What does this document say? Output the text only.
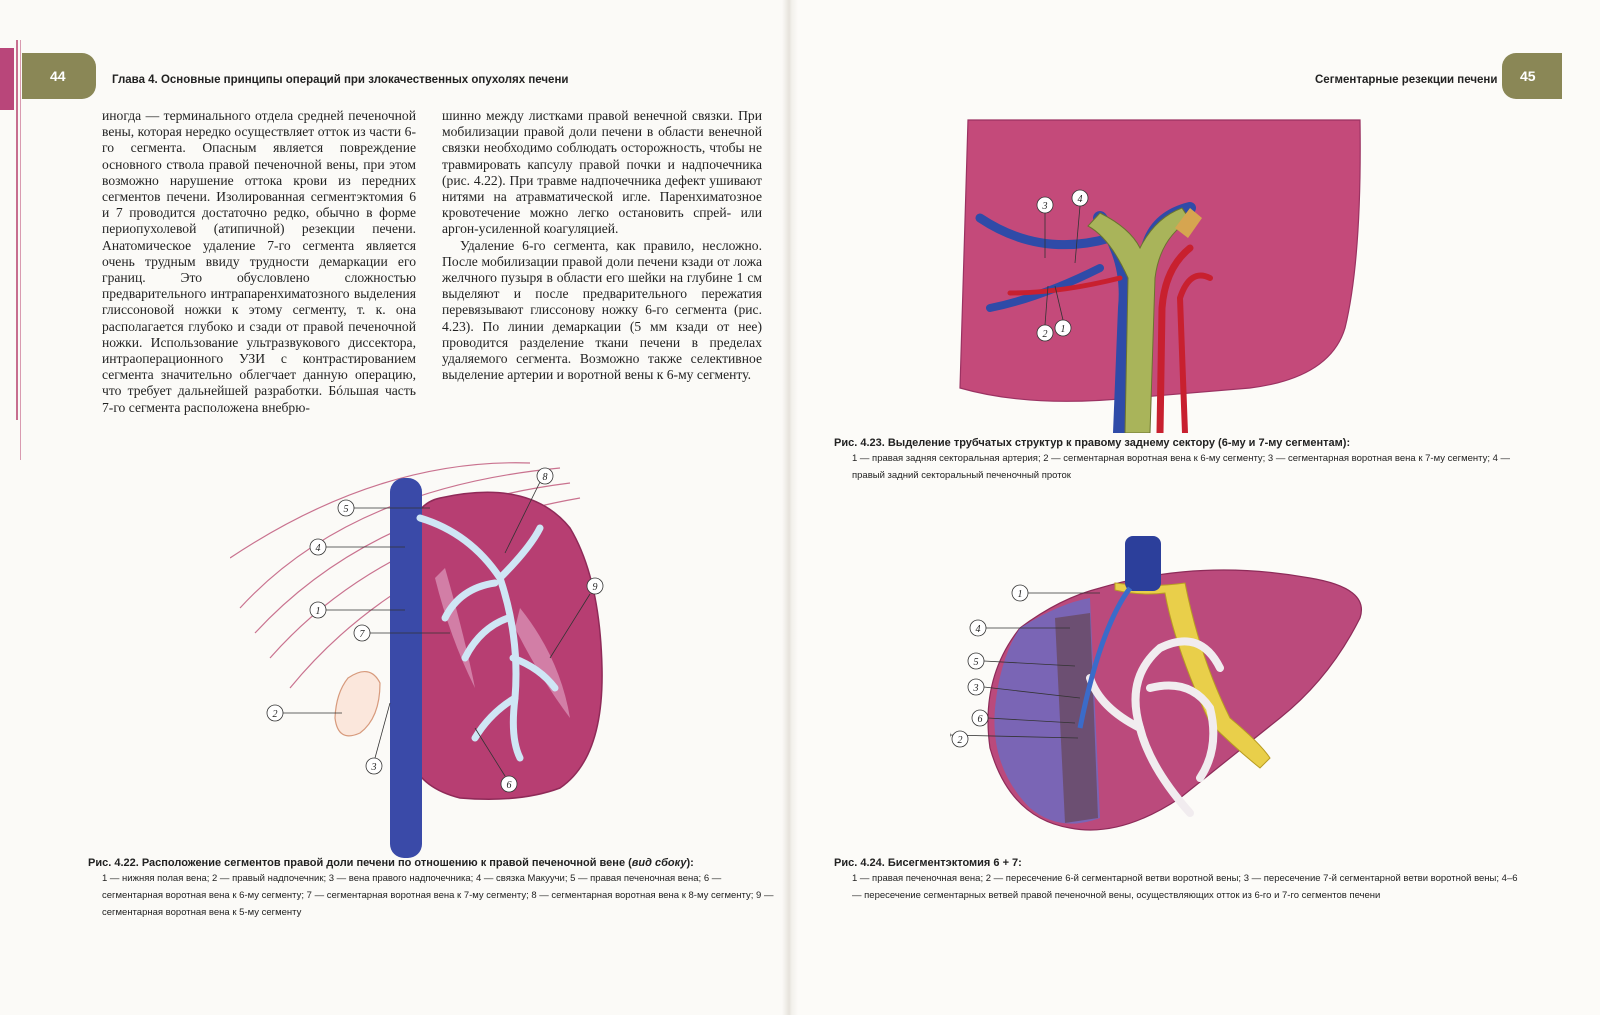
44	Глава 4. Основные принципы операций при злокачественных опухолях печени	45
Сегментарные резекции печени

иногда — терминального отдела средней печеночной вены, которая нередко осуществляет отток из части 6-го сегмента. Опасным является повреждение основного ствола правой печеночной вены, при этом возможно нарушение оттока крови из передних сегментов печени. Изолированная сегментэктомия 6 и 7 проводится достаточно редко, обычно в форме периопухолевой (атипичной) резекции печени. Анатомическое удаление 7-го сегмента является очень трудным ввиду трудности демаркации его границ. Это обусловлено сложностью предварительного интрапаренхиматозного выделения глиссоновой ножки к этому сегменту, т. к. она располагается глубоко и сзади от правой печеночной ножки. Использование ультразвукового диссектора, интраоперационного УЗИ с контрастированием сегмента значительно облегчает данную операцию, что требует дальнейшей разработки. Бóльшая часть 7-го сегмента расположена внебрю-

шинно между листками правой венечной связки. При мобилизации правой доли печени в области венечной связки необходимо соблюдать осторожность, чтобы не травмировать капсулу правой почки и надпочечника (рис. 4.22). При травме надпочечника дефект ушивают нитями на атравматической игле. Паренхиматозное кровотечение можно легко остановить спрей- или аргон-усиленной коагуляцией.

Удаление 6-го сегмента, как правило, несложно. После мобилизации правой доли печени кзади от ложа желчного пузыря в области его шейки на глубине 1 см выделяют и после предварительного пережатия перевязывают глиссонову ножку 6-го сегмента (рис. 4.23). По линии демаркации (5 мм кзади от нее) проводится разделение ткани печени в пределах удаляемого сегмента. Возможно также селективное выделение артерии и воротной вены к 6-му сегменту.

5
4
1
7
2
3
6
8
9
Рис. 4.22. Расположение сегментов правой доли печени по отношению к правой печеночной вене (вид сбоку):
1 — нижняя полая вена; 2 — правый надпочечник; 3 — вена правого надпочечника; 4 — связка Макуучи; 5 — правая печеночная вена; 6 — сегментарная воротная вена к 6-му сегменту; 7 — сегментарная воротная вена к 7-му сегменту; 8 — сегментарная воротная вена к 8-му сегменту; 9 — сегментарная воротная вена к 5-му сегменту
3
4
2 1
Рис. 4.23. Выделение трубчатых структур к правому заднему сектору (6-му и 7-му сегментам):
1 — правая задняя секторальная артерия; 2 — сегментарная воротная вена к 6-му сегменту; 3 — сегментарная воротная вена к 7-му сегменту; 4 — правый задний секторальный печеночный проток
1
4
5
3
6
2
Рис. 4.24. Бисегментэктомия 6 + 7:
1 — правая печеночная вена; 2 — пересечение 6-й сегментарной ветви воротной вены; 3 — пересечение 7-й сегментарной ветви воротной вены; 4–6 — пересечение сегментарных ветвей правой печеночной вены, осуществляющих отток из 6-го и 7-го сегментов печени
